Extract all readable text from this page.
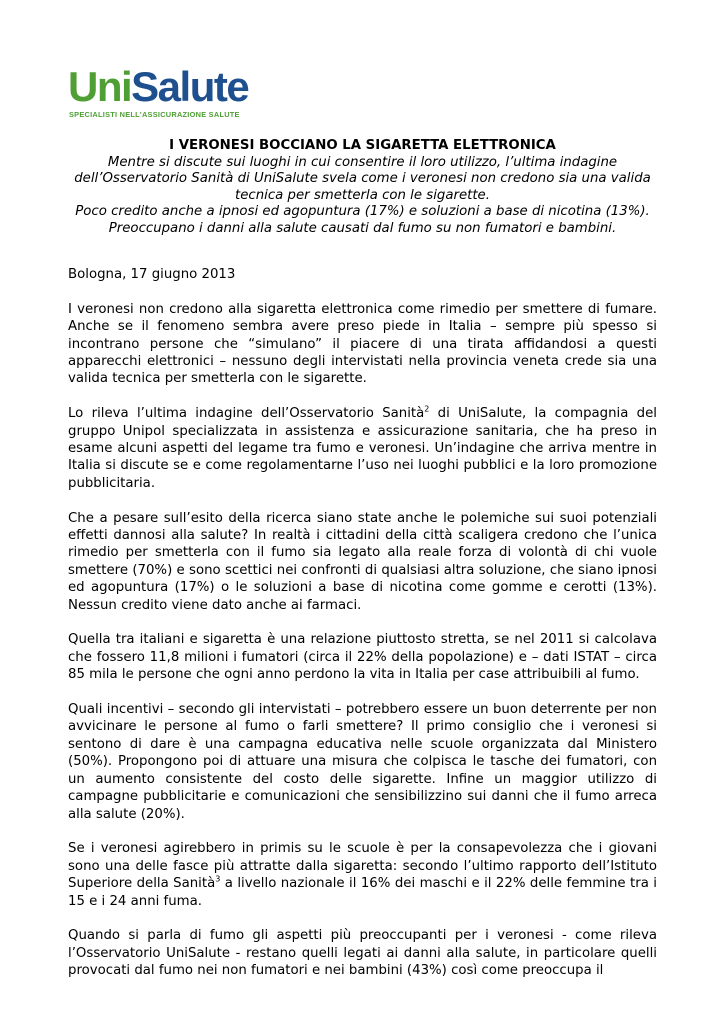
UniSalute
SPECIALISTI NELL'ASSICURAZIONE SALUTE
I VERONESI BOCCIANO LA SIGARETTA ELETTRONICA
Mentre si discute sui luoghi in cui consentire il loro utilizzo, l’ultima indagine dell’Osservatorio Sanità di UniSalute svela come i veronesi non credono sia una valida tecnica per smetterla con le sigarette.
Poco credito anche a ipnosi ed agopuntura (17%) e soluzioni a base di nicotina (13%). Preoccupano i danni alla salute causati dal fumo su non fumatori e bambini.

Bologna, 17 giugno 2013

I veronesi non credono alla sigaretta elettronica come rimedio per smettere di fumare. Anche se il fenomeno sembra avere preso piede in Italia – sempre più spesso si incontrano persone che “simulano” il piacere di una tirata affidandosi a questi apparecchi elettronici – nessuno degli intervistati nella provincia veneta crede sia una valida tecnica per smetterla con le sigarette.

Lo rileva l’ultima indagine dell’Osservatorio Sanità$^2$ di UniSalute, la compagnia del gruppo Unipol specializzata in assistenza e assicurazione sanitaria, che ha preso in esame alcuni aspetti del legame tra fumo e veronesi. Un’indagine che arriva mentre in Italia si discute se e come regolamentarne l’uso nei luoghi pubblici e la loro promozione pubblicitaria.

Che a pesare sull’esito della ricerca siano state anche le polemiche sui suoi potenziali effetti dannosi alla salute? In realtà i cittadini della città scaligera credono che l’unica rimedio per smetterla con il fumo sia legato alla reale forza di volontà di chi vuole smettere (70%) e sono scettici nei confronti di qualsiasi altra soluzione, che siano ipnosi ed agopuntura (17%) o le soluzioni a base di nicotina come gomme e cerotti (13%). Nessun credito viene dato anche ai farmaci.

Quella tra italiani e sigaretta è una relazione piuttosto stretta, se nel 2011 si calcolava che fossero 11,8 milioni i fumatori (circa il 22% della popolazione) e – dati ISTAT – circa 85 mila le persone che ogni anno perdono la vita in Italia per case attribuibili al fumo.

Quali incentivi – secondo gli intervistati – potrebbero essere un buon deterrente per non avvicinare le persone al fumo o farli smettere? Il primo consiglio che i veronesi si sentono di dare è una campagna educativa nelle scuole organizzata dal Ministero (50%). Propongono poi di attuare una misura che colpisca le tasche dei fumatori, con un aumento consistente del costo delle sigarette. Infine un maggior utilizzo di campagne pubblicitarie e comunicazioni che sensibilizzino sui danni che il fumo arreca alla salute (20%).

Se i veronesi agirebbero in primis su le scuole è per la consapevolezza che i giovani sono una delle fasce più attratte dalla sigaretta: secondo l’ultimo rapporto dell’Istituto Superiore della Sanità$^3$ a livello nazionale il 16% dei maschi e il 22% delle femmine tra i 15 e i 24 anni fuma.

Quando si parla di fumo gli aspetti più preoccupanti per i veronesi - come rileva l’Osservatorio UniSalute - restano quelli legati ai danni alla salute, in particolare quelli provocati dal fumo nei non fumatori e nei bambini (43%) così come preoccupa il
